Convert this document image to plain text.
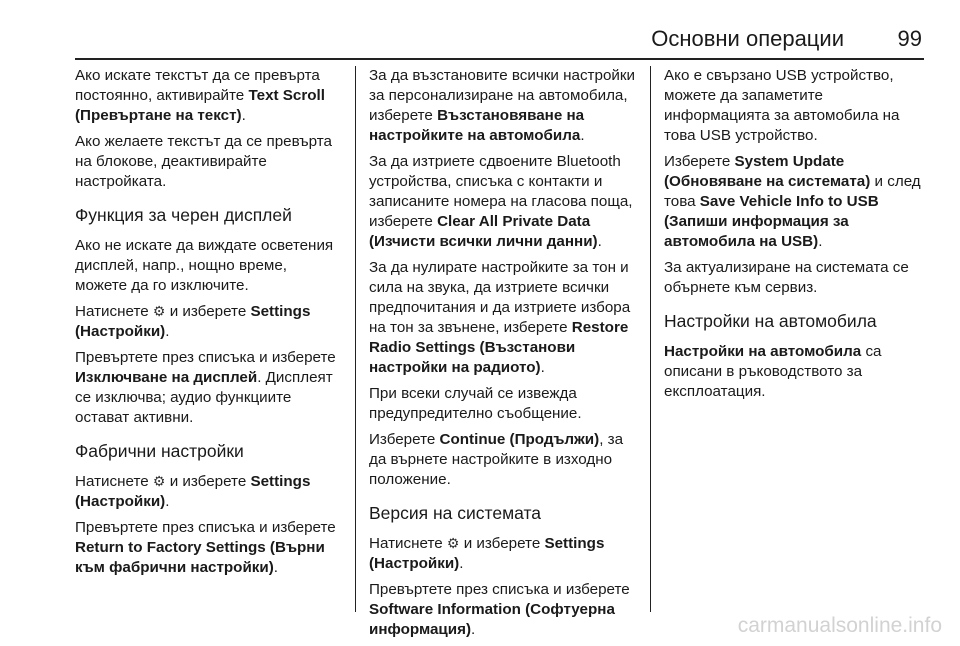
Основни операции 99

Ако искате текстът да се превърта постоянно, активирайте Text Scroll (Превъртане на текст).

Ако желаете текстът да се превърта на блокове, деактивирайте настройката.

Функция за черен дисплей

Ако не искате да виждате осветения дисплей, напр., нощно време, можете да го изключите.

Натиснете ⚙ и изберете Settings (Настройки).

Превъртете през списъка и изберете Изключване на дисплей. Дисплеят се изключва; аудио функциите остават активни.

Фабрични настройки

Натиснете ⚙ и изберете Settings (Настройки).

Превъртете през списъка и изберете Return to Factory Settings (Върни към фабрични настройки).

За да възстановите всички настройки за персонализиране на автомобила, изберете Възстановяване на настройките на автомобила.

За да изтриете сдвоените Bluetooth устройства, списъка с контакти и записаните номера на гласова поща, изберете Clear All Private Data (Изчисти всички лични данни).

За да нулирате настройките за тон и сила на звука, да изтриете всички предпочитания и да изтриете избора на тон за звънене, изберете Restore Radio Settings (Възстанови настройки на радиото).

При всеки случай се извежда предупредително съобщение.

Изберете Continue (Продължи), за да върнете настройките в изходно положение.

Версия на системата

Натиснете ⚙ и изберете Settings (Настройки).

Превъртете през списъка и изберете Software Information (Софтуерна информация).

Ако е свързано USB устройство, можете да запаметите информацията за автомобила на това USB устройство.

Изберете System Update (Обновяване на системата) и след това Save Vehicle Info to USB (Запиши информация за автомобила на USB).

За актуализиране на системата се обърнете към сервиз.

Настройки на автомобила

Настройки на автомобила са описани в ръководството за експлоатация.

carmanualsonline.info
